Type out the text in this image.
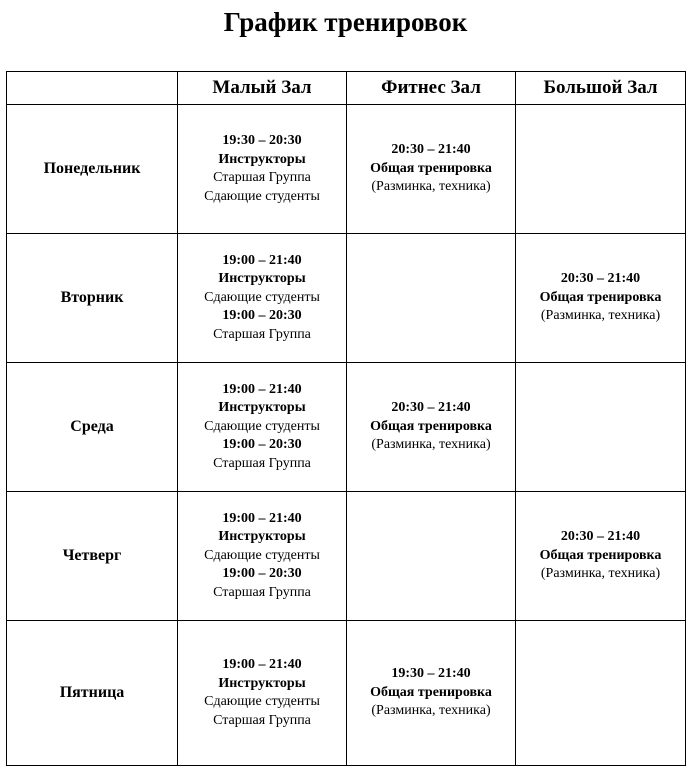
График тренировок
	Малый Зал	Фитнес Зал	Большой Зал

Понедельник	19:30 – 20:30
Инструкторы
Старшая Группа
Сдающие студенты	20:30 – 21:40
Общая тренировка
(Разминка, техника)	

Вторник	19:00 – 21:40
Инструкторы
Сдающие студенты
19:00 – 20:30
Старшая Группа		20:30 – 21:40
Общая тренировка
(Разминка, техника)

Среда	19:00 – 21:40
Инструкторы
Сдающие студенты
19:00 – 20:30
Старшая Группа	20:30 – 21:40
Общая тренировка
(Разминка, техника)	

Четверг	19:00 – 21:40
Инструкторы
Сдающие студенты
19:00 – 20:30
Старшая Группа		20:30 – 21:40
Общая тренировка
(Разминка, техника)

Пятница	19:00 – 21:40
Инструкторы
Сдающие студенты
Старшая Группа	19:30 – 21:40
Общая тренировка
(Разминка, техника)	
